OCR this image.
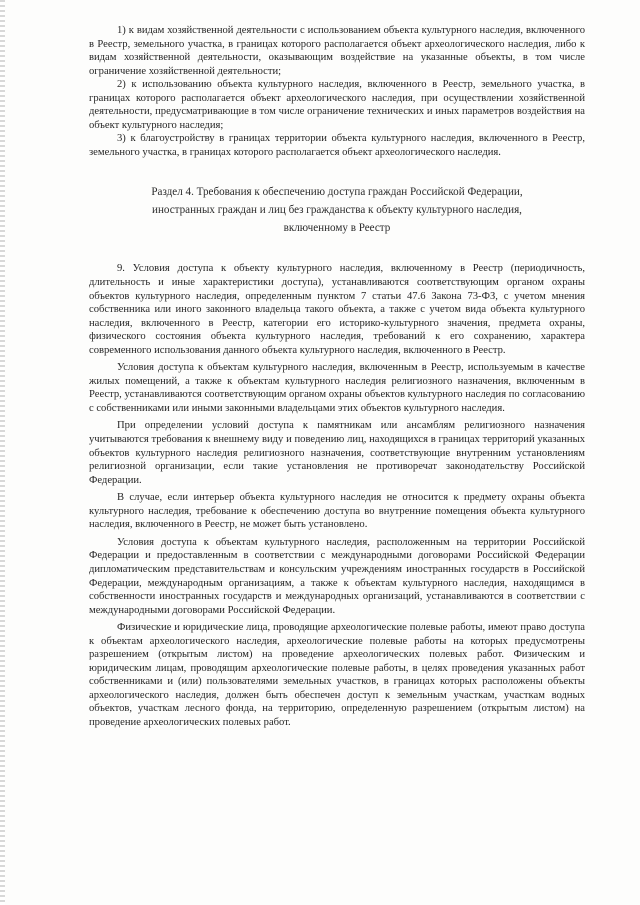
1) к видам хозяйственной деятельности с использованием объекта культурного наследия, включенного в Реестр, земельного участка, в границах которого располагается объект археологического наследия, либо к видам хозяйственной деятельности, оказывающим воздействие на указанные объекты, в том числе ограничение хозяйственной деятельности;

2) к использованию объекта культурного наследия, включенного в Реестр, земельного участка, в границах которого располагается объект археологического наследия, при осуществлении хозяйственной деятельности, предусматривающие в том числе ограничение технических и иных параметров воздействия на объект культурного наследия;

3) к благоустройству в границах территории объекта культурного наследия, включенного в Реестр, земельного участка, в границах которого располагается объект археологического наследия.

Раздел 4. Требования к обеспечению доступа граждан Российской Федерации,
иностранных граждан и лиц без гражданства к объекту культурного наследия,
включенному в Реестр

9. Условия доступа к объекту культурного наследия, включенному в Реестр (периодичность, длительность и иные характеристики доступа), устанавливаются соответствующим органом охраны объектов культурного наследия, определенным пунктом 7 статьи 47.6 Закона 73-ФЗ, с учетом мнения собственника или иного законного владельца такого объекта, а также с учетом вида объекта культурного наследия, включенного в Реестр, категории его историко-культурного значения, предмета охраны, физического состояния объекта культурного наследия, требований к его сохранению, характера современного использования данного объекта культурного наследия, включенного в Реестр.

Условия доступа к объектам культурного наследия, включенным в Реестр, используемым в качестве жилых помещений, а также к объектам культурного наследия религиозного назначения, включенным в Реестр, устанавливаются соответствующим органом охраны объектов культурного наследия по согласованию с собственниками или иными законными владельцами этих объектов культурного наследия.

При определении условий доступа к памятникам или ансамблям религиозного назначения учитываются требования к внешнему виду и поведению лиц, находящихся в границах территорий указанных объектов культурного наследия религиозного назначения, соответствующие внутренним установлениям религиозной организации, если такие установления не противоречат законодательству Российской Федерации.

В случае, если интерьер объекта культурного наследия не относится к предмету охраны объекта культурного наследия, требование к обеспечению доступа во внутренние помещения объекта культурного наследия, включенного в Реестр, не может быть установлено.

Условия доступа к объектам культурного наследия, расположенным на территории Российской Федерации и предоставленным в соответствии с международными договорами Российской Федерации дипломатическим представительствам и консульским учреждениям иностранных государств в Российской Федерации, международным организациям, а также к объектам культурного наследия, находящимся в собственности иностранных государств и международных организаций, устанавливаются в соответствии с международными договорами Российской Федерации.

Физические и юридические лица, проводящие археологические полевые работы, имеют право доступа к объектам археологического наследия, археологические полевые работы на которых предусмотрены разрешением (открытым листом) на проведение археологических полевых работ. Физическим и юридическим лицам, проводящим археологические полевые работы, в целях проведения указанных работ собственниками и (или) пользователями земельных участков, в границах которых расположены объекты археологического наследия, должен быть обеспечен доступ к земельным участкам, участкам водных объектов, участкам лесного фонда, на территорию, определенную разрешением (открытым листом) на проведение археологических полевых работ.
